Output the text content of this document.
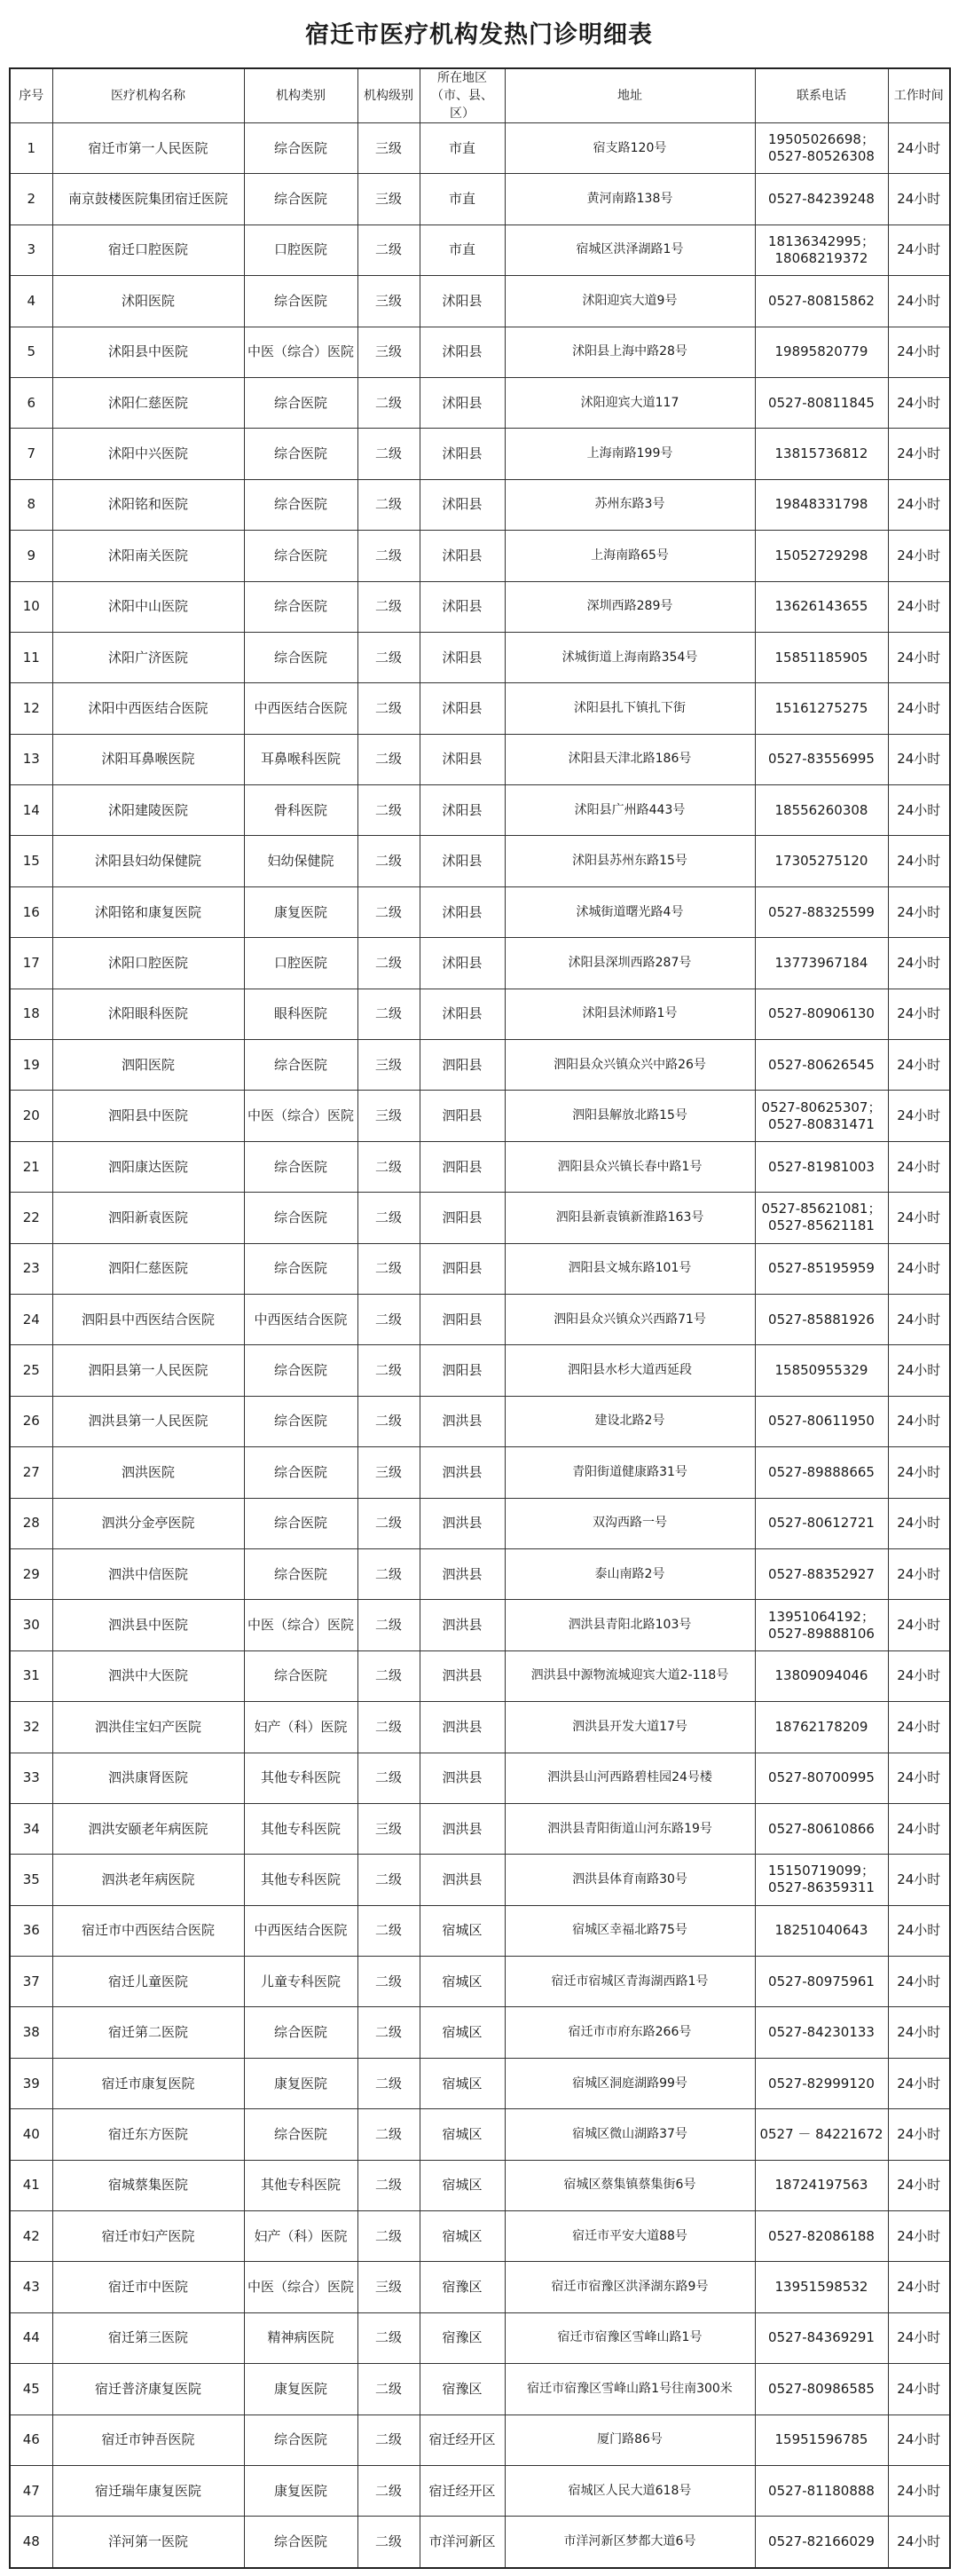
宿迁市医疗机构发热门诊明细表
序号	医疗机构名称	机构类别	机构级别	所在地区（市、县、区）	地址	联系电话	工作时间
1	宿迁市第一人民医院	综合医院	三级	市直	宿支路120号	19505026698；0527-80526308	24小时
2	南京鼓楼医院集团宿迁医院	综合医院	三级	市直	黄河南路138号	0527-84239248	24小时
3	宿迁口腔医院	口腔医院	二级	市直	宿城区洪泽湖路1号	18136342995；18068219372	24小时
4	沭阳医院	综合医院	三级	沭阳县	沭阳迎宾大道9号	0527-80815862	24小时
5	沭阳县中医院	中医（综合）医院	三级	沭阳县	沭阳县上海中路28号	19895820779	24小时
6	沭阳仁慈医院	综合医院	二级	沭阳县	沭阳迎宾大道117	0527-80811845	24小时
7	沭阳中兴医院	综合医院	二级	沭阳县	上海南路199号	13815736812	24小时
8	沭阳铭和医院	综合医院	二级	沭阳县	苏州东路3号	19848331798	24小时
9	沭阳南关医院	综合医院	二级	沭阳县	上海南路65号	15052729298	24小时
10	沭阳中山医院	综合医院	二级	沭阳县	深圳西路289号	13626143655	24小时
11	沭阳广济医院	综合医院	二级	沭阳县	沭城街道上海南路354号	15851185905	24小时
12	沭阳中西医结合医院	中西医结合医院	二级	沭阳县	沭阳县扎下镇扎下街	15161275275	24小时
13	沭阳耳鼻喉医院	耳鼻喉科医院	二级	沭阳县	沭阳县天津北路186号	0527-83556995	24小时
14	沭阳建陵医院	骨科医院	二级	沭阳县	沭阳县广州路443号	18556260308	24小时
15	沭阳县妇幼保健院	妇幼保健院	二级	沭阳县	沭阳县苏州东路15号	17305275120	24小时
16	沭阳铭和康复医院	康复医院	二级	沭阳县	沭城街道曙光路4号	0527-88325599	24小时
17	沭阳口腔医院	口腔医院	二级	沭阳县	沭阳县深圳西路287号	13773967184	24小时
18	沭阳眼科医院	眼科医院	二级	沭阳县	沭阳县沭师路1号	0527-80906130	24小时
19	泗阳医院	综合医院	三级	泗阳县	泗阳县众兴镇众兴中路26号	0527-80626545	24小时
20	泗阳县中医院	中医（综合）医院	三级	泗阳县	泗阳县解放北路15号	0527-80625307；0527-80831471	24小时
21	泗阳康达医院	综合医院	二级	泗阳县	泗阳县众兴镇长春中路1号	0527-81981003	24小时
22	泗阳新袁医院	综合医院	二级	泗阳县	泗阳县新袁镇新淮路163号	0527-85621081；0527-85621181	24小时
23	泗阳仁慈医院	综合医院	二级	泗阳县	泗阳县文城东路101号	0527-85195959	24小时
24	泗阳县中西医结合医院	中西医结合医院	二级	泗阳县	泗阳县众兴镇众兴西路71号	0527-85881926	24小时
25	泗阳县第一人民医院	综合医院	二级	泗阳县	泗阳县水杉大道西延段	15850955329	24小时
26	泗洪县第一人民医院	综合医院	二级	泗洪县	建设北路2号	0527-80611950	24小时
27	泗洪医院	综合医院	三级	泗洪县	青阳街道健康路31号	0527-89888665	24小时
28	泗洪分金亭医院	综合医院	二级	泗洪县	双沟西路一号	0527-80612721	24小时
29	泗洪中信医院	综合医院	二级	泗洪县	泰山南路2号	0527-88352927	24小时
30	泗洪县中医院	中医（综合）医院	二级	泗洪县	泗洪县青阳北路103号	13951064192；0527-89888106	24小时
31	泗洪中大医院	综合医院	二级	泗洪县	泗洪县中源物流城迎宾大道2-118号	13809094046	24小时
32	泗洪佳宝妇产医院	妇产（科）医院	二级	泗洪县	泗洪县开发大道17号	18762178209	24小时
33	泗洪康肾医院	其他专科医院	二级	泗洪县	泗洪县山河西路碧桂园24号楼	0527-80700995	24小时
34	泗洪安颐老年病医院	其他专科医院	三级	泗洪县	泗洪县青阳街道山河东路19号	0527-80610866	24小时
35	泗洪老年病医院	其他专科医院	二级	泗洪县	泗洪县体育南路30号	15150719099；0527-86359311	24小时
36	宿迁市中西医结合医院	中西医结合医院	二级	宿城区	宿城区幸福北路75号	18251040643	24小时
37	宿迁儿童医院	儿童专科医院	二级	宿城区	宿迁市宿城区青海湖西路1号	0527-80975961	24小时
38	宿迁第二医院	综合医院	二级	宿城区	宿迁市市府东路266号	0527-84230133	24小时
39	宿迁市康复医院	康复医院	二级	宿城区	宿城区洞庭湖路99号	0527-82999120	24小时
40	宿迁东方医院	综合医院	二级	宿城区	宿城区微山湖路37号	0527 － 84221672	24小时
41	宿城蔡集医院	其他专科医院	二级	宿城区	宿城区蔡集镇蔡集街6号	18724197563	24小时
42	宿迁市妇产医院	妇产（科）医院	二级	宿城区	宿迁市平安大道88号	0527-82086188	24小时
43	宿迁市中医院	中医（综合）医院	三级	宿豫区	宿迁市宿豫区洪泽湖东路9号	13951598532	24小时
44	宿迁第三医院	精神病医院	二级	宿豫区	宿迁市宿豫区雪峰山路1号	0527-84369291	24小时
45	宿迁普济康复医院	康复医院	二级	宿豫区	宿迁市宿豫区雪峰山路1号往南300米	0527-80986585	24小时
46	宿迁市钟吾医院	综合医院	二级	宿迁经开区	厦门路86号	15951596785	24小时
47	宿迁瑞年康复医院	康复医院	二级	宿迁经开区	宿城区人民大道618号	0527-81180888	24小时
48	洋河第一医院	综合医院	二级	市洋河新区	市洋河新区梦都大道6号	0527-82166029	24小时
